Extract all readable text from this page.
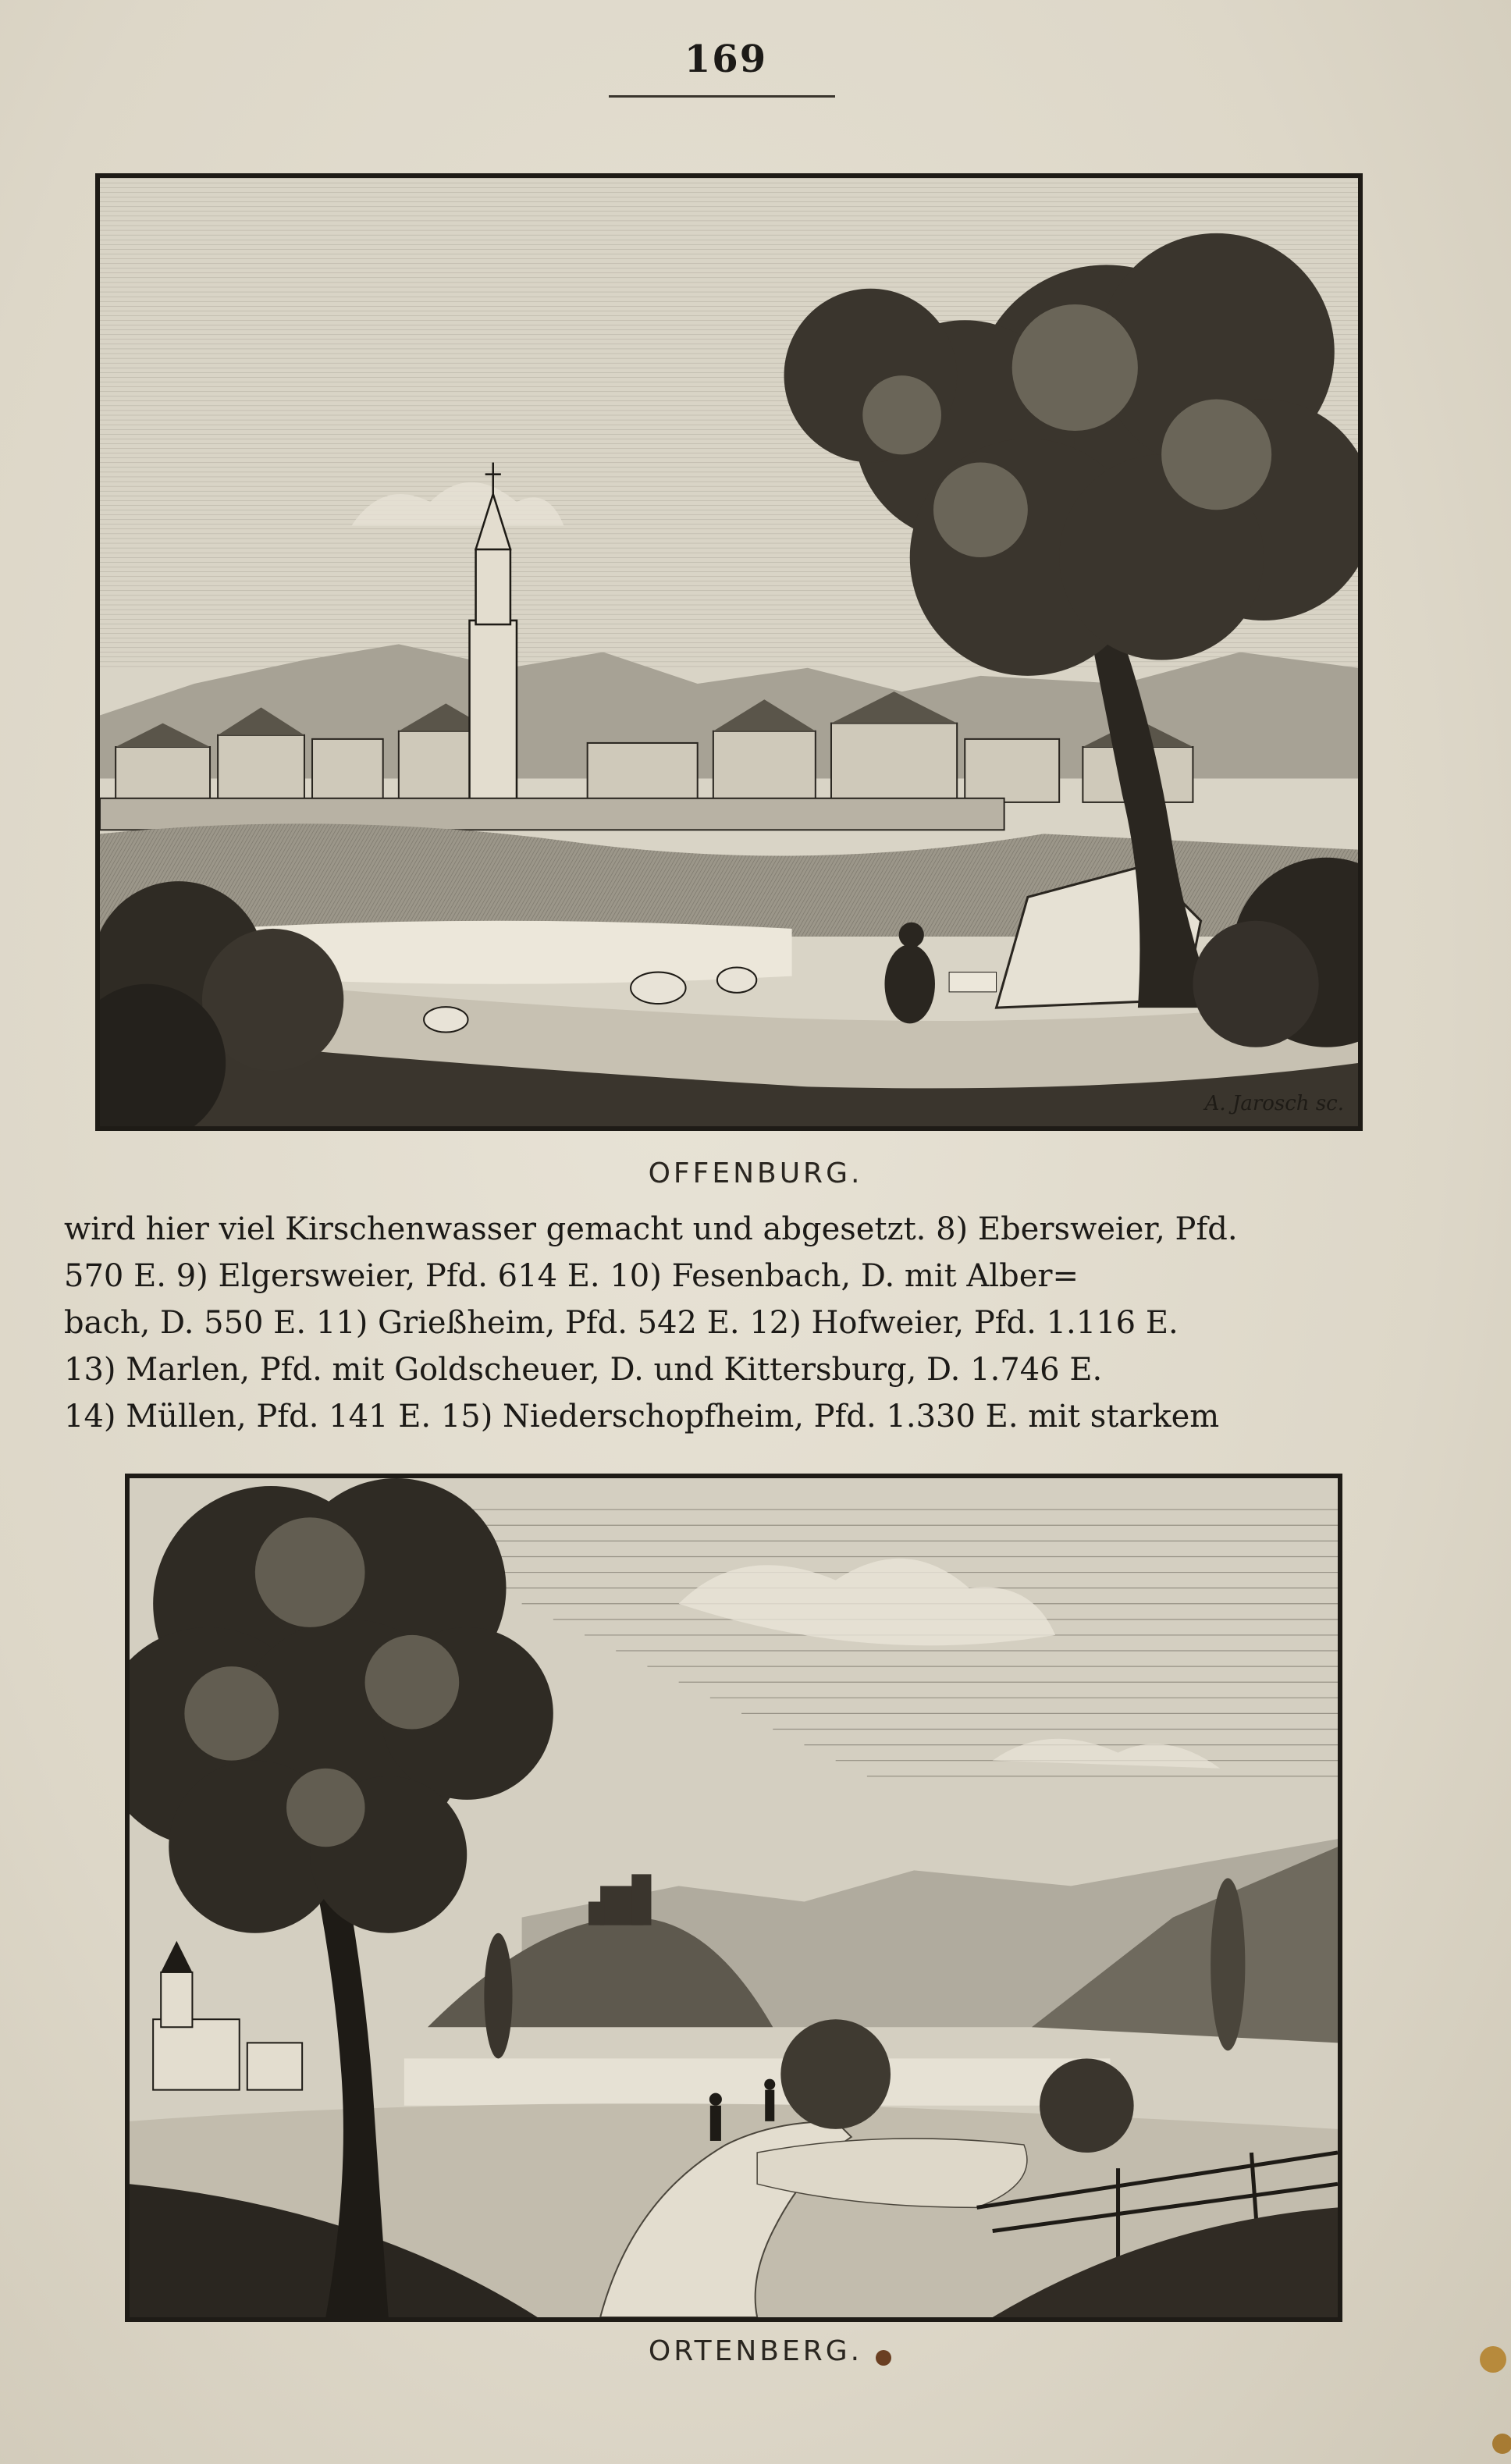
169
A. Jarosch sc.
OFFENBURG.

wird hier viel Kirschenwasser gemacht und abgesetzt. 8) Ebersweier, Pfd.

570 E. 9) Elgersweier, Pfd. 614 E. 10) Fesenbach, D. mit Alber=

bach, D. 550 E. 11) Grießheim, Pfd. 542 E. 12) Hofweier, Pfd. 1.116 E.

13) Marlen, Pfd. mit Goldscheuer, D. und Kittersburg, D. 1.746 E.

14) Müllen, Pfd. 141 E. 15) Niederschopfheim, Pfd. 1.330 E. mit starkem

ORTENBERG.
